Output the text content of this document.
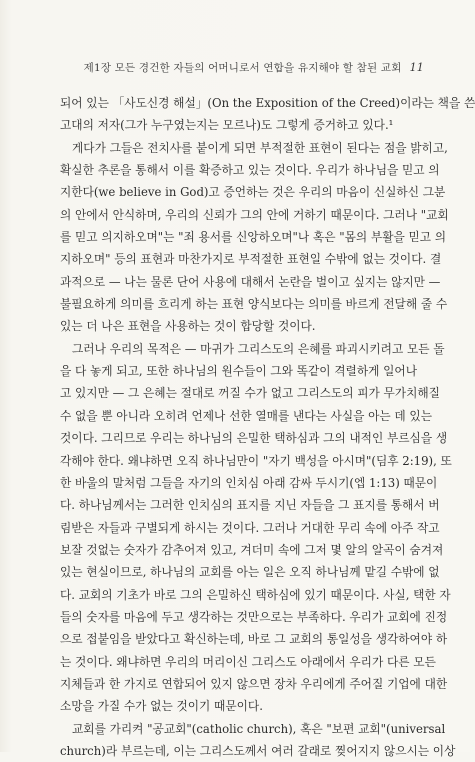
제1장 모든 경건한 자들의 어머니로서 연합을 유지해야 할 참된 교회 11
되어 있는 「사도신경 해설」(On the Exposition of the Creed)이라는 책을 쓴
고대의 저자(그가 누구였는지는 모르나)도 그렇게 증거하고 있다.¹
게다가 그들은 전치사를 붙이게 되면 부적절한 표현이 된다는 점을 밝히고,
확실한 추론을 통해서 이를 확증하고 있는 것이다. 우리가 하나님을 믿고 의
지한다(we believe in God)고 증언하는 것은 우리의 마음이 신실하신 그분
의 안에서 안식하며, 우리의 신뢰가 그의 안에 거하기 때문이다. 그러나 "교회
를 믿고 의지하오며"는 "죄 용서를 신앙하오며"나 혹은 "몸의 부활을 믿고 의
지하오며" 등의 표현과 마찬가지로 부적절한 표현일 수밖에 없는 것이다. 결
과적으로 — 나는 물론 단어 사용에 대해서 논란을 벌이고 싶지는 않지만 —
불필요하게 의미를 흐리게 하는 표현 양식보다는 의미를 바르게 전달해 줄 수
있는 더 나은 표현을 사용하는 것이 합당할 것이다.
그러나 우리의 목적은 — 마귀가 그리스도의 은혜를 파괴시키려고 모든 돌
을 다 놓게 되고, 또한 하나님의 원수들이 그와 똑같이 격렬하게 일어나
고 있지만 — 그 은혜는 절대로 꺼질 수가 없고 그리스도의 피가 무가치해질
수 없을 뿐 아니라 오히려 언제나 선한 열매를 낸다는 사실을 아는 데 있는
것이다. 그리므로 우리는 하나님의 은밀한 택하심과 그의 내적인 부르심을 생
각해야 한다. 왜냐하면 오직 하나님만이 "자기 백성을 아시며"(딤후 2:19), 또
한 바울의 말처럼 그들을 자기의 인치심 아래 감싸 두시기(엡 1:13) 때문이
다. 하나님께서는 그러한 인치심의 표지를 지닌 자들을 그 표지를 통해서 버
림받은 자들과 구별되게 하시는 것이다. 그러나 거대한 무리 속에 아주 작고
보잘 것없는 숫자가 감추어져 있고, 겨더미 속에 그저 몇 알의 알곡이 숨겨져
있는 현실이므로, 하나님의 교회를 아는 일은 오직 하나님께 맡길 수밖에 없
다. 교회의 기초가 바로 그의 은밀하신 택하심에 있기 때문이다. 사실, 택한 자
들의 숫자를 마음에 두고 생각하는 것만으로는 부족하다. 우리가 교회에 진정
으로 접붙임을 받았다고 확신하는데, 바로 그 교회의 통일성을 생각하여야 하
는 것이다. 왜냐하면 우리의 머리이신 그리스도 아래에서 우리가 다른 모든
지체들과 한 가지로 연합되어 있지 않으면 장차 우리에게 주어질 기업에 대한
소망을 가질 수가 없는 것이기 때문이다.
교회를 가리켜 "공교회"(catholic church), 혹은 "보편 교회"(universal
church)라 부르는데, 이는 그리스도께서 여러 갈래로 찢어지지 않으시는 이상
